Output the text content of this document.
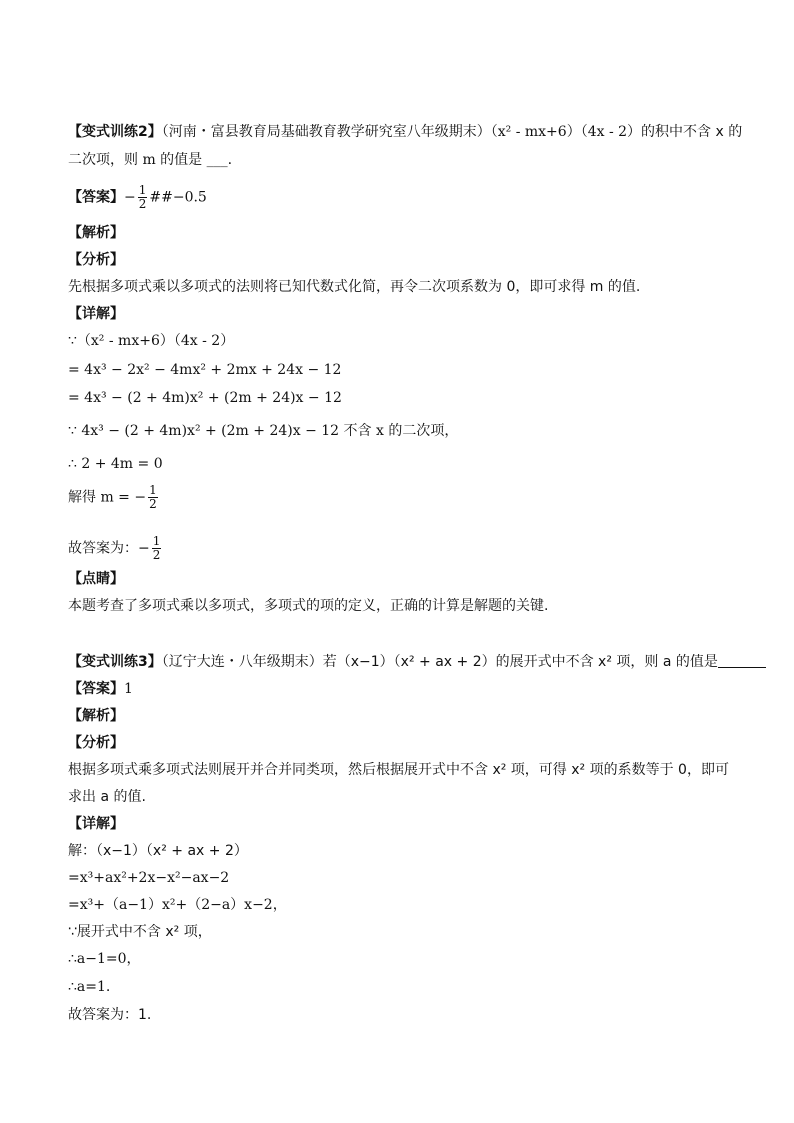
【变式训练2】（河南・富县教育局基础教育教学研究室八年级期末）（x² - mx+6）（4x - 2）的积中不含 x 的
二次项，则 m 的值是 ___.
【答案】− $\frac{1}{2}$ ##−0.5
【解析】
【分析】
先根据多项式乘以多项式的法则将已知代数式化简，再令二次项系数为 0，即可求得 m 的值.
【详解】
∵（x² - mx+6）（4x - 2）
= 4x³ − 2x² − 4mx² + 2mx + 24x − 12
= 4x³ − (2 + 4m)x² + (2m + 24)x − 12
∵ 4x³ − (2 + 4m)x² + (2m + 24)x − 12 不含 x 的二次项，
∴ 2 + 4m = 0
解得 m = − $\frac{1}{2}$
故答案为：− $\frac{1}{2}$
【点睛】
本题考查了多项式乘以多项式，多项式的项的定义，正确的计算是解题的关键.
【变式训练3】（辽宁大连・八年级期末）若（x−1）（x² + ax + 2）的展开式中不含 x² 项，则 a 的值是
【答案】1
【解析】
【分析】
根据多项式乘多项式法则展开并合并同类项，然后根据展开式中不含 x² 项，可得 x² 项的系数等于 0，即可
求出 a 的值.
【详解】
解：（x−1）（x² + ax + 2）
=x³+ax²+2x−x²−ax−2
=x³+（a−1）x²+（2−a）x−2，
∵展开式中不含 x² 项，
∴a−1=0，
∴a=1.
故答案为：1.
